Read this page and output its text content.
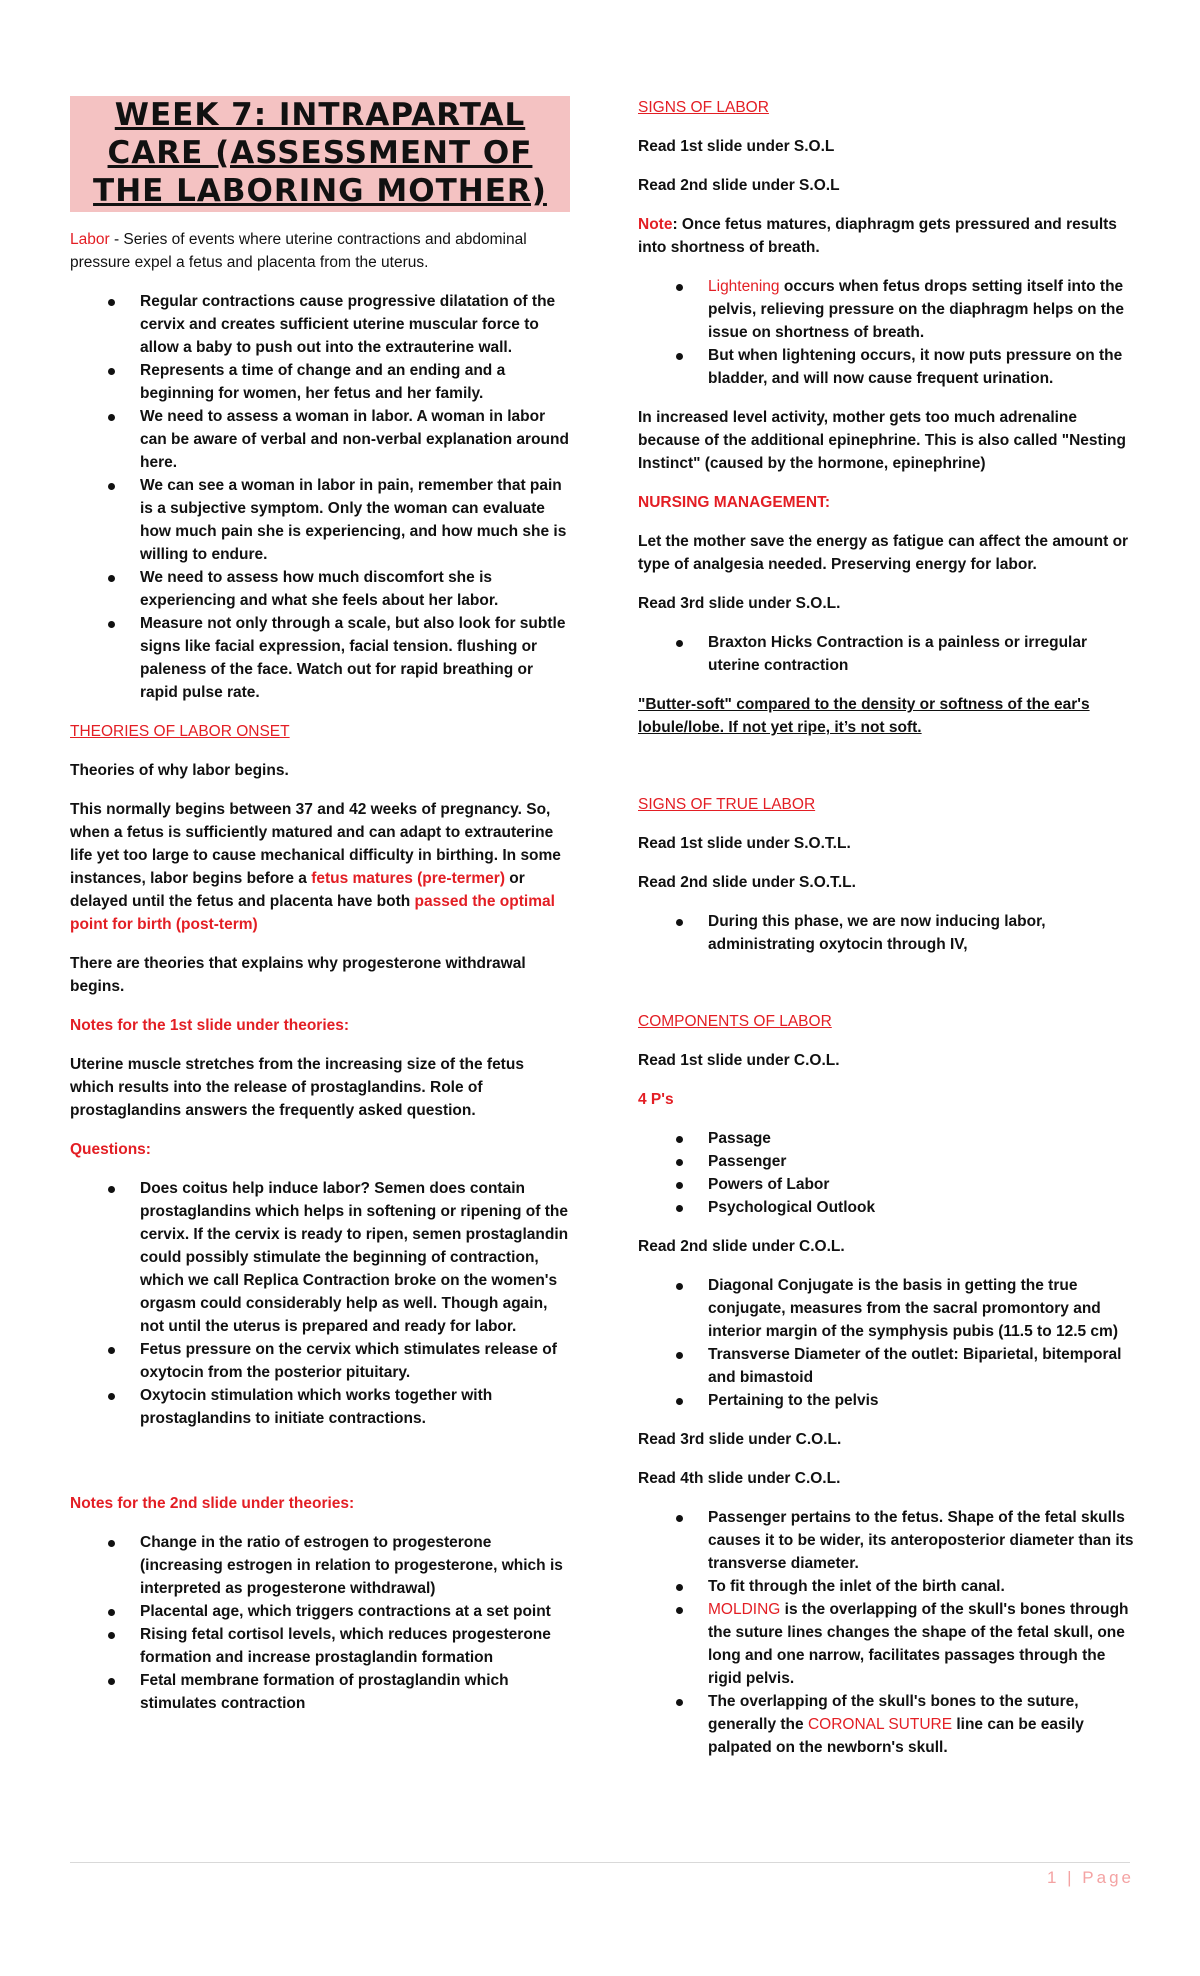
WEEK 7: INTRAPARTAL CARE (ASSESSMENT OF THE LABORING MOTHER)

Labor - Series of events where uterine contractions and abdominal pressure expel a fetus and placenta from the uterus.

Regular contractions cause progressive dilatation of the cervix and creates sufficient uterine muscular force to allow a baby to push out into the extrauterine wall.
Represents a time of change and an ending and a beginning for women, her fetus and her family.
We need to assess a woman in labor. A woman in labor can be aware of verbal and non-verbal explanation around here.
We can see a woman in labor in pain, remember that pain is a subjective symptom. Only the woman can evaluate how much pain she is experiencing, and how much she is willing to endure.
We need to assess how much discomfort she is experiencing and what she feels about her labor.
Measure not only through a scale, but also look for subtle signs like facial expression, facial tension. flushing or paleness of the face. Watch out for rapid breathing or rapid pulse rate.

THEORIES OF LABOR ONSET

Theories of why labor begins.

This normally begins between 37 and 42 weeks of pregnancy. So, when a fetus is sufficiently matured and can adapt to extrauterine life yet too large to cause mechanical difficulty in birthing. In some instances, labor begins before a fetus matures (pre-termer) or delayed until the fetus and placenta have both passed the optimal point for birth (post-term)

There are theories that explains why progesterone withdrawal begins.

Notes for the 1st slide under theories:

Uterine muscle stretches from the increasing size of the fetus which results into the release of prostaglandins. Role of prostaglandins answers the frequently asked question.

Questions:

Does coitus help induce labor? Semen does contain prostaglandins which helps in softening or ripening of the cervix. If the cervix is ready to ripen, semen prostaglandin could possibly stimulate the beginning of contraction, which we call Replica Contraction broke on the women's orgasm could considerably help as well. Though again, not until the uterus is prepared and ready for labor.
Fetus pressure on the cervix which stimulates release of oxytocin from the posterior pituitary.
Oxytocin stimulation which works together with prostaglandins to initiate contractions.

Notes for the 2nd slide under theories:

Change in the ratio of estrogen to progesterone (increasing estrogen in relation to progesterone, which is interpreted as progesterone withdrawal)
Placental age, which triggers contractions at a set point
Rising fetal cortisol levels, which reduces progesterone formation and increase prostaglandin formation
Fetal membrane formation of prostaglandin which stimulates contraction

SIGNS OF LABOR

Read 1st slide under S.O.L

Read 2nd slide under S.O.L

Note: Once fetus matures, diaphragm gets pressured and results into shortness of breath.

Lightening occurs when fetus drops setting itself into the pelvis, relieving pressure on the diaphragm helps on the issue on shortness of breath.
But when lightening occurs, it now puts pressure on the bladder, and will now cause frequent urination.

In increased level activity, mother gets too much adrenaline because of the additional epinephrine. This is also called "Nesting Instinct" (caused by the hormone, epinephrine)

NURSING MANAGEMENT:

Let the mother save the energy as fatigue can affect the amount or type of analgesia needed. Preserving energy for labor.

Read 3rd slide under S.O.L.

Braxton Hicks Contraction is a painless or irregular uterine contraction

"Butter-soft" compared to the density or softness of the ear's lobule/lobe. If not yet ripe, it’s not soft.

SIGNS OF TRUE LABOR

Read 1st slide under S.O.T.L.

Read 2nd slide under S.O.T.L.

During this phase, we are now inducing labor, administrating oxytocin through IV,

COMPONENTS OF LABOR

Read 1st slide under C.O.L.

4 P's

Passage
Passenger
Powers of Labor
Psychological Outlook

Read 2nd slide under C.O.L.

Diagonal Conjugate is the basis in getting the true conjugate, measures from the sacral promontory and interior margin of the symphysis pubis (11.5 to 12.5 cm)
Transverse Diameter of the outlet: Biparietal, bitemporal and bimastoid
Pertaining to the pelvis

Read 3rd slide under C.O.L.

Read 4th slide under C.O.L.

Passenger pertains to the fetus. Shape of the fetal skulls causes it to be wider, its anteroposterior diameter than its transverse diameter.
To fit through the inlet of the birth canal.
MOLDING is the overlapping of the skull's bones through the suture lines changes the shape of the fetal skull, one long and one narrow, facilitates passages through the rigid pelvis.
The overlapping of the skull's bones to the suture, generally the CORONAL SUTURE line can be easily palpated on the newborn's skull.
1 | Page
